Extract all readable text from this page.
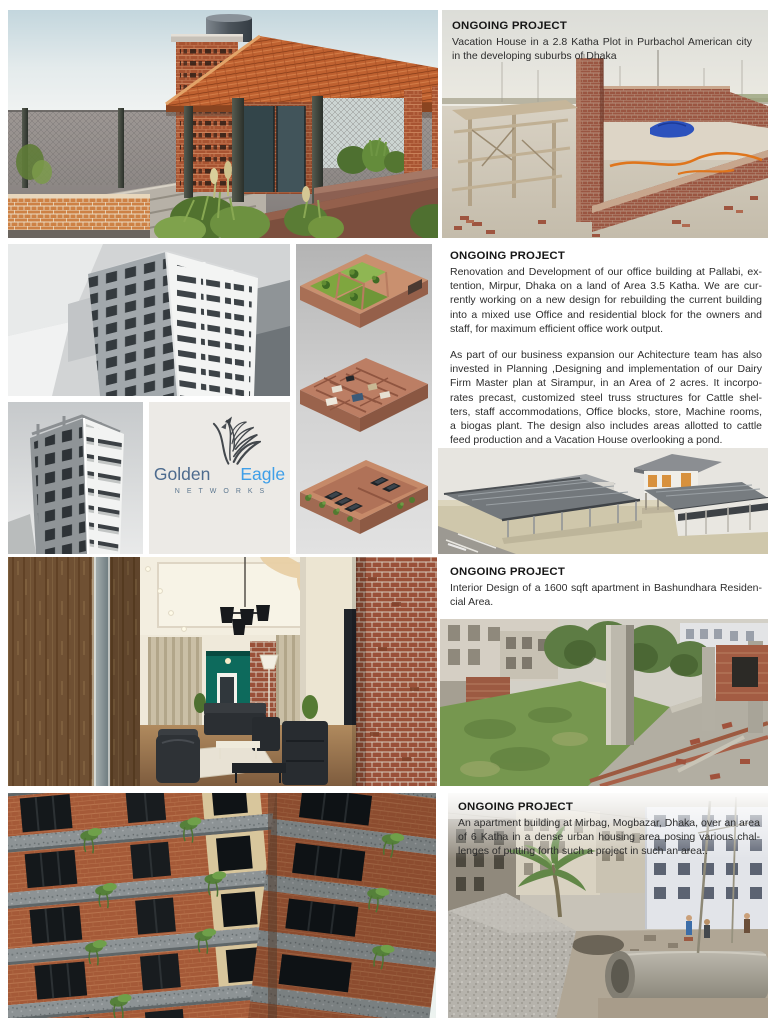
ONGOING PROJECT
Vacation House in a 2.8 Katha Plot in Purbachol American city
in the developing suburbs of Dhaka
Golden Eagle
NETWORKS
ONGOING PROJECT
Renovation and Development of our office building at Pallabi, ex-
tention, Mirpur, Dhaka on a land of Area 3.5 Katha. We are cur-
rently working on a new design for rebuilding the current building
into a mixed use Office and residential block for the owners and
staff, for maximum efficient office work output.
As part of our business expansion our Achitecture team has also
invested in Planning ,Designing and implementation of our Dairy
Firm Master plan at Sirampur, in an Area of 2 acres. It incorpo-
rates precast, customized steel truss structures for Cattle shel-
ters, staff accommodations, Office blocks, store, Machine rooms,
a biogas plant. The design also includes areas allotted to cattle
feed production and a Vacation House overlooking a pond.
ONGOING PROJECT
Interior Design of a 1600 sqft apartment in Bashundhara Residen-
cial Area.
ONGOING PROJECT
An apartment building at Mirbag, Mogbazar, Dhaka, over an area
of 6 Katha in a dense urban housing area posing various chal-
lenges of putting forth such a project in such an area..
